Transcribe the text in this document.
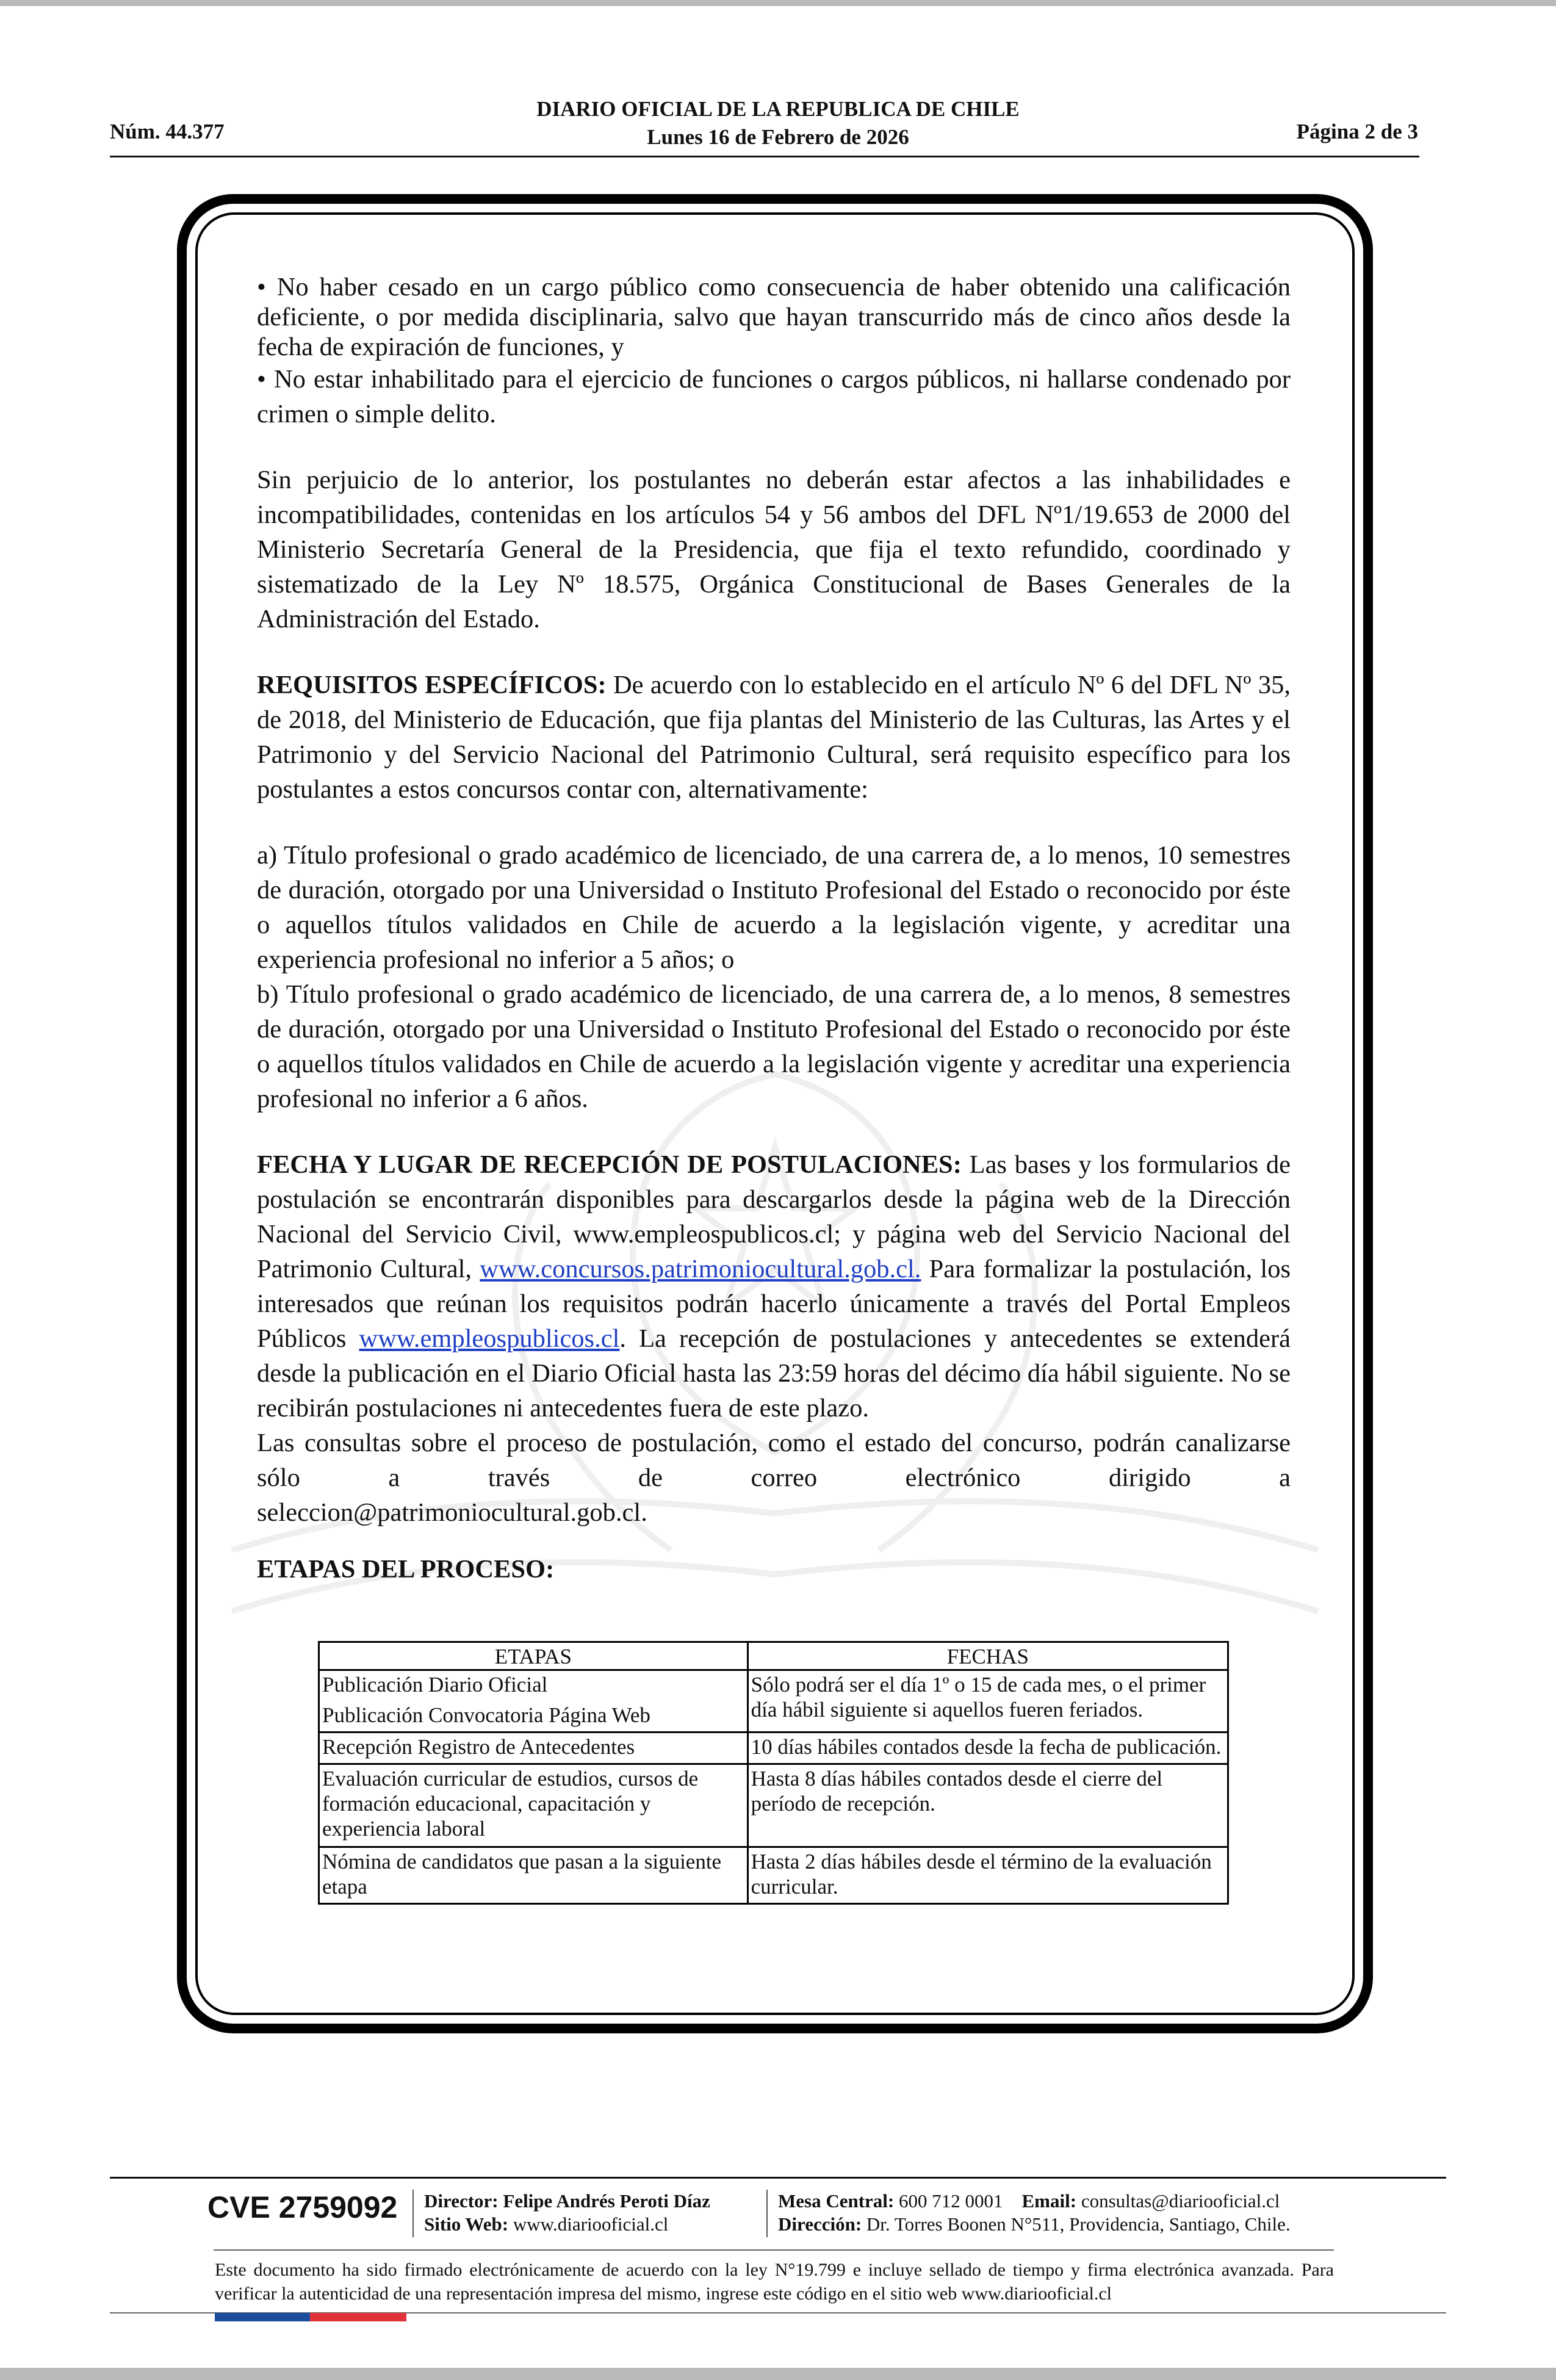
Núm. 44.377
DIARIO OFICIAL DE LA REPUBLICA DE CHILE
Lunes 16 de Febrero de 2026	Página 2 de 3

• No haber cesado en un cargo público como consecuencia de haber obtenido una calificación deficiente, o por medida disciplinaria, salvo que hayan transcurrido más de cinco años desde la fecha de expiración de funciones, y

• No estar inhabilitado para el ejercicio de funciones o cargos públicos, ni hallarse condenado por crimen o simple delito.

Sin perjuicio de lo anterior, los postulantes no deberán estar afectos a las inhabilidades e incompatibilidades, contenidas en los artículos 54 y 56 ambos del DFL Nº1/19.653 de 2000 del Ministerio Secretaría General de la Presidencia, que fija el texto refundido, coordinado y sistematizado de la Ley Nº 18.575, Orgánica Constitucional de Bases Generales de la Administración del Estado.

REQUISITOS ESPECÍFICOS: De acuerdo con lo establecido en el artículo Nº 6 del DFL Nº 35, de 2018, del Ministerio de Educación, que fija plantas del Ministerio de las Culturas, las Artes y el Patrimonio y del Servicio Nacional del Patrimonio Cultural, será requisito específico para los postulantes a estos concursos contar con, alternativamente:

a) Título profesional o grado académico de licenciado, de una carrera de, a lo menos, 10 semestres de duración, otorgado por una Universidad o Instituto Profesional del Estado o reconocido por éste o aquellos títulos validados en Chile de acuerdo a la legislación vigente, y acreditar una experiencia profesional no inferior a 5 años; o

b) Título profesional o grado académico de licenciado, de una carrera de, a lo menos, 8 semestres de duración, otorgado por una Universidad o Instituto Profesional del Estado o reconocido por éste o aquellos títulos validados en Chile de acuerdo a la legislación vigente y acreditar una experiencia profesional no inferior a 6 años.

FECHA Y LUGAR DE RECEPCIÓN DE POSTULACIONES: Las bases y los formularios de postulación se encontrarán disponibles para descargarlos desde la página web de la Dirección Nacional del Servicio Civil, www.empleospublicos.cl; y página web del Servicio Nacional del Patrimonio Cultural, www.concursos.patrimoniocultural.gob.cl. Para formalizar la postulación, los interesados que reúnan los requisitos podrán hacerlo únicamente a través del Portal Empleos Públicos www.empleospublicos.cl. La recepción de postulaciones y antecedentes se extenderá desde la publicación en el Diario Oficial hasta las 23:59 horas del décimo día hábil siguiente. No se recibirán postulaciones ni antecedentes fuera de este plazo.

Las consultas sobre el proceso de postulación, como el estado del concurso, podrán canalizarse sólo a través de correo electrónico dirigido a

seleccion@patrimoniocultural.gob.cl.

ETAPAS DEL PROCESO:
ETAPAS	FECHAS

Publicación Diario Oficial
Publicación Convocatoria Página Web	Sólo podrá ser el día 1º o 15 de cada mes, o el primer día hábil siguiente si aquellos fueren feriados.
Recepción Registro de Antecedentes	10 días hábiles contados desde la fecha de publicación.
Evaluación curricular de estudios, cursos de formación educacional, capacitación y experiencia laboral	Hasta 8 días hábiles contados desde el cierre del período de recepción.
Nómina de candidatos que pasan a la siguiente etapa	Hasta 2 días hábiles desde el término de la evaluación curricular.
CVE 2759092 Director: Felipe Andrés Peroti Díaz
Sitio Web: www.diariooficial.cl
Mesa Central: 600 712 0001 Email: consultas@diariooficial.cl
Dirección: Dr. Torres Boonen N°511, Providencia, Santiago, Chile.
Este documento ha sido firmado electrónicamente de acuerdo con la ley N°19.799 e incluye sellado de tiempo y firma electrónica avanzada. Para verificar la autenticidad de una representación impresa del mismo, ingrese este código en el sitio web www.diariooficial.cl
